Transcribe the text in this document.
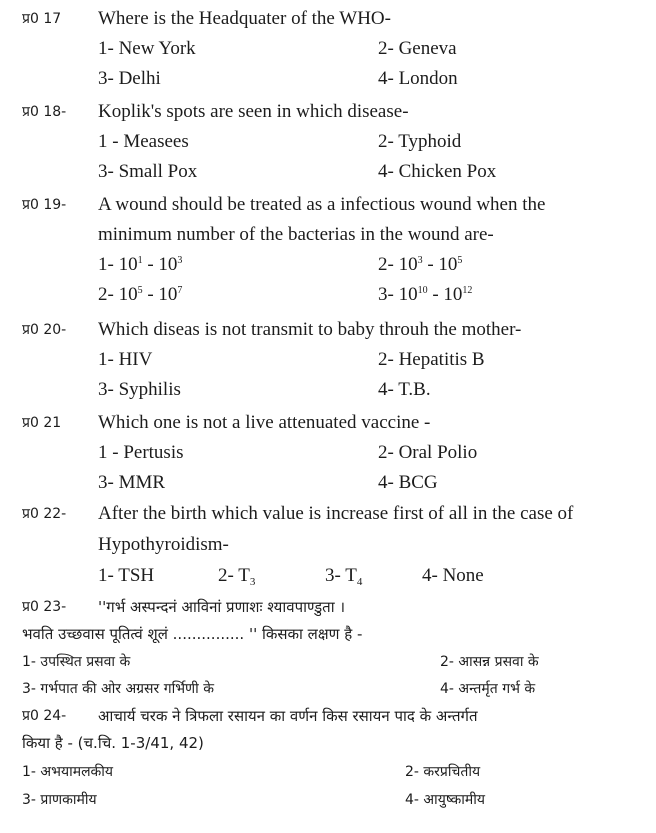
प्र0 17	Where is the Headquater of the WHO-
1- New York	2- Geneva
3- Delhi	4- London
प्र0 18-	Koplik's spots are seen in which disease-
1 - Measees	2- Typhoid
3- Small Pox	4- Chicken Pox
प्र0 19-	A wound should be treated as a infectious wound when the
minimum number of the bacterias in the wound are-
1- $10^1 - 10^3$	2- $10^3 - 10^5$
2- $10^5 - 10^7$	3- $10^{10} - 10^{12}$
प्र0 20-	Which diseas is not transmit to baby throuh the mother-
1- HIV	2- Hepatitis B
3- Syphilis	4- T.B.
प्र0 21	Which one is not a live attenuated vaccine -
1 - Pertusis	2- Oral Polio
3- MMR	4- BCG
प्र0 22-	After the birth which value is increase first of all in the case of
Hypothyroidism-
1- TSH	2- $T_3$	3- $T_4$	4- None
प्र0 23-	''गर्भ अस्पन्दनं आविनां प्रणाशः श्यावपाण्डुता ।
भवति उच्छवास पूतित्वं शूलं ............... '' किसका लक्षण है -
1- उपस्थित प्रसवा के	2- आसन्न प्रसवा के
3- गर्भपात की ओर अग्रसर गर्भिणी के	4- अन्तर्मृत गर्भ के
प्र0 24-	आचार्य चरक ने त्रिफला रसायन का वर्णन किस रसायन पाद के अन्तर्गत
किया है - (च.चि. 1-3/41, 42)
1- अभयामलकीय	2- करप्रचितीय
3- प्राणकामीय	4- आयुष्कामीय
